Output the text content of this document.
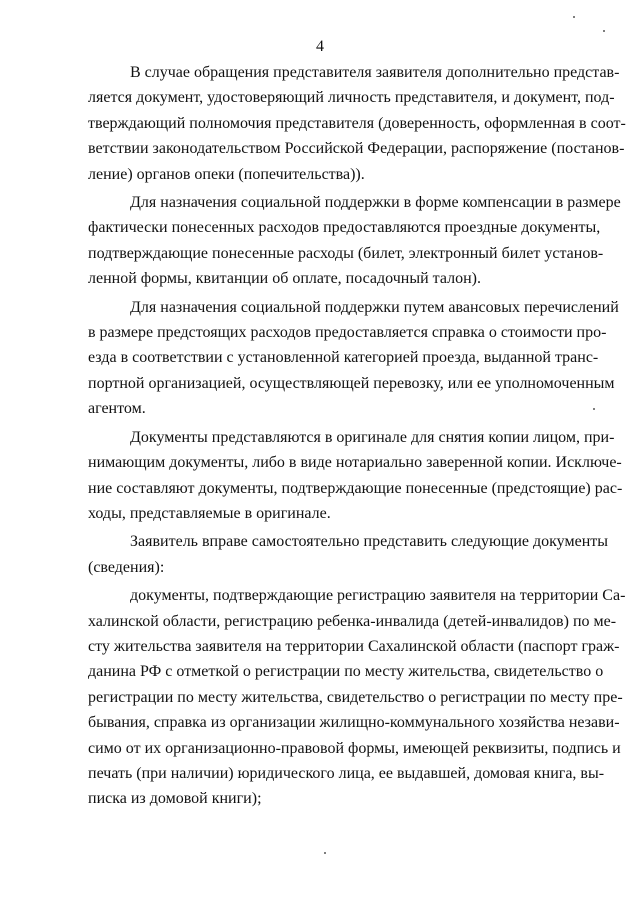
4
В случае обращения представителя заявителя дополнительно представ-
ляется документ, удостоверяющий личность представителя, и документ, под-
тверждающий полномочия представителя (доверенность, оформленная в соот-
ветствии законодательством Российской Федерации, распоряжение (постанов-
ление) органов опеки (попечительства)).
Для назначения социальной поддержки в форме компенсации в размере
фактически понесенных расходов предоставляются проездные документы,
подтверждающие понесенные расходы (билет, электронный билет установ-
ленной формы, квитанции об оплате, посадочный талон).
Для назначения социальной поддержки путем авансовых перечислений
в размере предстоящих расходов предоставляется справка о стоимости про-
езда в соответствии с установленной категорией проезда, выданной транс-
портной организацией, осуществляющей перевозку, или ее уполномоченным
агентом.
Документы представляются в оригинале для снятия копии лицом, при-
нимающим документы, либо в виде нотариально заверенной копии. Исключе-
ние составляют документы, подтверждающие понесенные (предстоящие) рас-
ходы, представляемые в оригинале.
Заявитель вправе самостоятельно представить следующие документы
(сведения):
документы, подтверждающие регистрацию заявителя на территории Са-
халинской области, регистрацию ребенка-инвалида (детей-инвалидов) по ме-
сту жительства заявителя на территории Сахалинской области (паспорт граж-
данина РФ с отметкой о регистрации по месту жительства, свидетельство о
регистрации по месту жительства, свидетельство о регистрации по месту пре-
бывания, справка из организации жилищно-коммунального хозяйства незави-
симо от их организационно-правовой формы, имеющей реквизиты, подпись и
печать (при наличии) юридического лица, ее выдавшей, домовая книга, вы-
писка из домовой книги);
